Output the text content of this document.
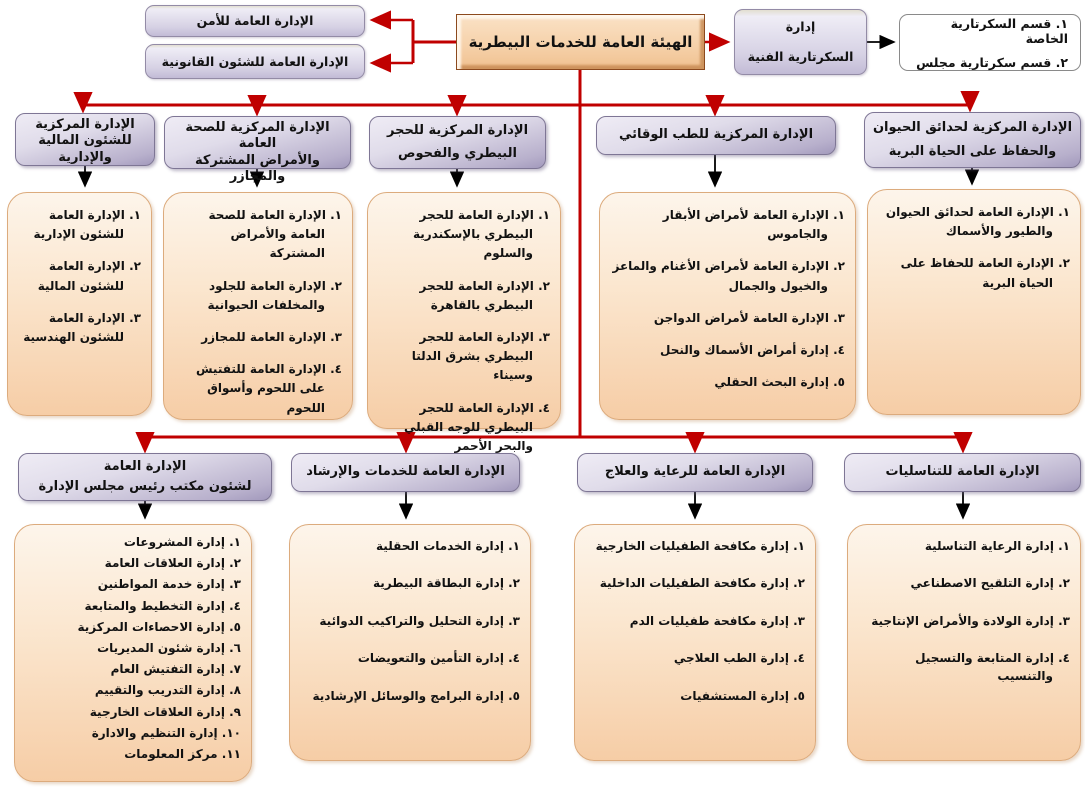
الإدارة العامة للأمن
الإدارة العامة للشئون القانونية
الهيئة العامة للخدمات البيطرية
إدارة
السكرتارية الفنية
١. قسم السكرتارية الخاصة
٢. قسم سكرتارية مجلس
الإدارة المركزية
للشئون المالية والإدارية
الإدارة المركزية للصحة العامة
والأمراض المشتركة والمجازر
الإدارة المركزية للحجر
البيطري والفحوص
الإدارة المركزية للطب الوقائي	الإدارة المركزية لحدائق الحيوان
والحفاظ على الحياة البرية
١. الإدارة العامة للشئون الإدارية
٢. الإدارة العامة للشئون المالية
٣. الإدارة العامة للشئون الهندسية
١. الإدارة العامة للصحة العامة والأمراض المشتركة
٢. الإدارة العامة للجلود والمخلفات الحيوانية
٣. الإدارة العامة للمجازر
٤. الإدارة العامة للتفتيش على اللحوم وأسواق اللحوم
١. الإدارة العامة للحجر البيطري بالإسكندرية والسلوم
٢. الإدارة العامة للحجر البيطري بالقاهرة
٣. الإدارة العامة للحجر البيطري بشرق الدلتا وسيناء
٤. الإدارة العامة للحجر البيطري للوجه القبلي والبحر الأحمر
١. الإدارة العامة لأمراض الأبقار والجاموس
٢. الإدارة العامة لأمراض الأغنام والماعز والخيول والجمال
٣. الإدارة العامة لأمراض الدواجن
٤. إدارة أمراض الأسماك والنحل
٥. إدارة البحث الحقلي
١. الإدارة العامة لحدائق الحيوان والطيور والأسماك
٢. الإدارة العامة للحفاظ على الحياة البرية
الإدارة العامة
لشئون مكتب رئيس مجلس الإدارة
الإدارة العامة للخدمات والإرشاد	الإدارة العامة للرعاية والعلاج	الإدارة العامة للتناسليات
١. إدارة المشروعات
٢. إدارة العلاقات العامة
٣. إدارة خدمة المواطنين
٤. إدارة التخطيط والمتابعة
٥. إدارة الاحصاءات المركزية
٦. إدارة شئون المديريات
٧. إدارة التفتيش العام
٨. إدارة التدريب والتقييم
٩. إدارة العلاقات الخارجية
١٠. إدارة التنظيم والادارة
١١. مركز المعلومات
١. إدارة الخدمات الحقلية
٢. إدارة البطاقة البيطرية
٣. إدارة التحليل والتراكيب الدوائية
٤. إدارة التأمين والتعويضات
٥. إدارة البرامج والوسائل الإرشادية
١. إدارة مكافحة الطفيليات الخارجية
٢. إدارة مكافحة الطفيليات الداخلية
٣. إدارة مكافحة طفيليات الدم
٤. إدارة الطب العلاجي
٥. إدارة المستشفيات
١. إدارة الرعاية التناسلية
٢. إدارة التلقيح الاصطناعي
٣. إدارة الولادة والأمراض الإنتاجية
٤. إدارة المتابعة والتسجيل والتنسيب
